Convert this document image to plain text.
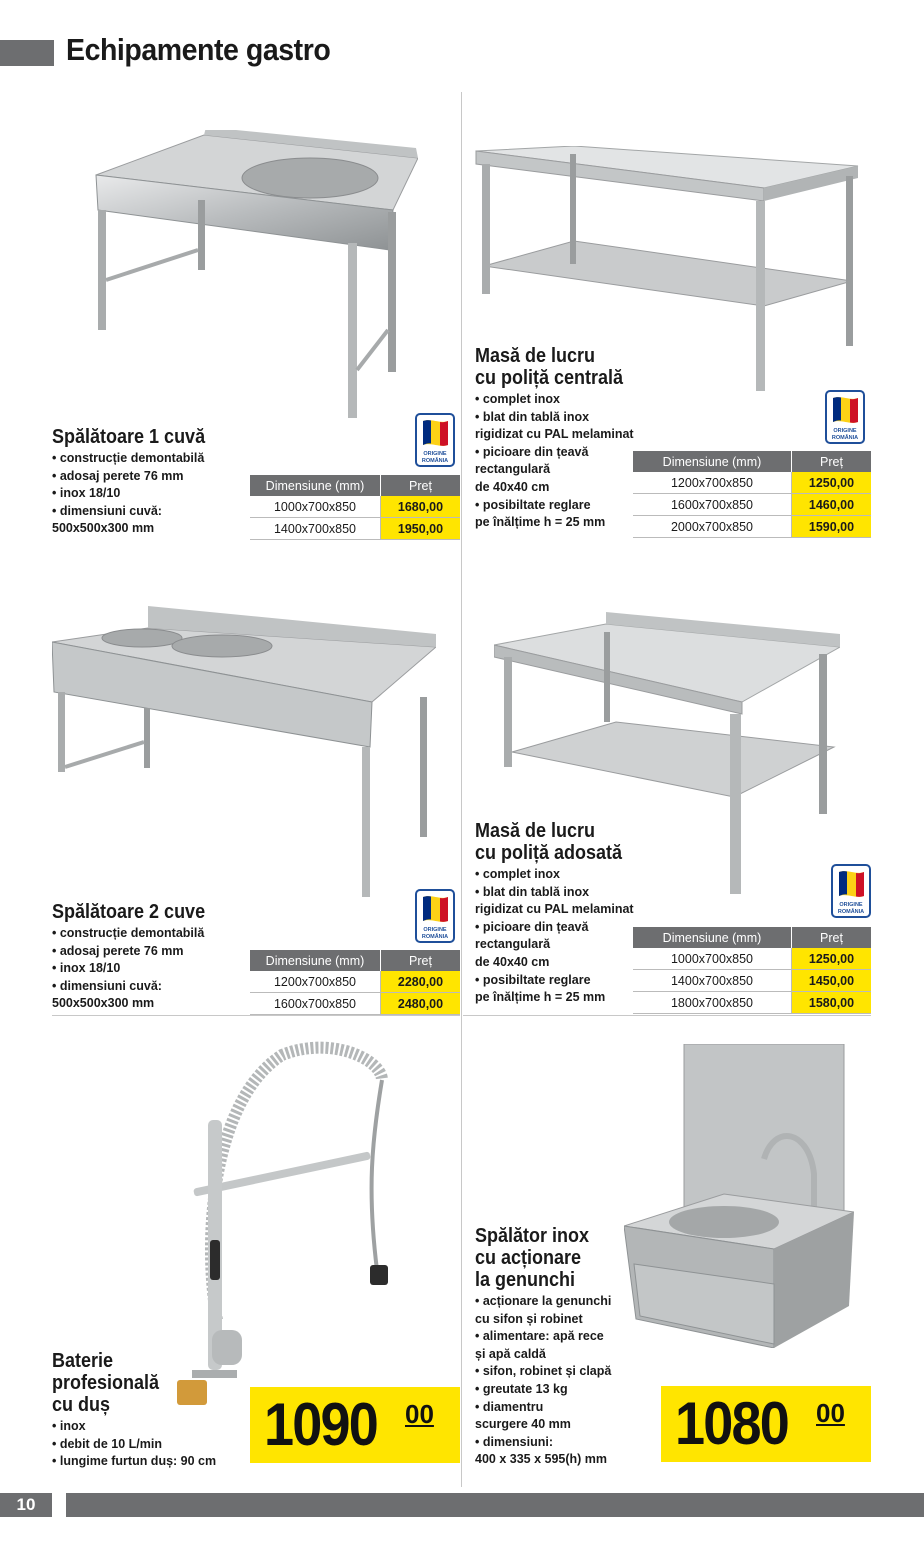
Echipamente gastro
ORIGINE
ROMÂNIA
Spălătoare 1 cuvă
• construcție demontabilă
• adosaj perete 76 mm
• inox 18/10
• dimensiuni cuvă:
500x500x300 mm
Dimensiune (mm)	Preț
1000x700x850	1680,00
1400x700x850	1950,00
ORIGINE
ROMÂNIA
Masă de lucru
cu poliță centrală
• complet inox
• blat din tablă inox
rigidizat cu PAL melaminat
• picioare din țeavă
rectangulară
de 40x40 cm
• posibiltate reglare
pe înălțime h = 25 mm
Dimensiune (mm)	Preț
1200x700x850	1250,00
1600x700x850	1460,00
2000x700x850	1590,00
ORIGINE
ROMÂNIA
Spălătoare 2 cuve
• construcție demontabilă
• adosaj perete 76 mm
• inox 18/10
• dimensiuni cuvă:
500x500x300 mm
Dimensiune (mm)	Preț
1200x700x850	2280,00
1600x700x850	2480,00
ORIGINE
ROMÂNIA
Masă de lucru
cu poliță adosată
• complet inox
• blat din tablă inox
rigidizat cu PAL melaminat
• picioare din țeavă
rectangulară
de 40x40 cm
• posibiltate reglare
pe înălțime h = 25 mm
Dimensiune (mm)	Preț
1000x700x850	1250,00
1400x700x850	1450,00
1800x700x850	1580,00
Baterie
profesională
cu duș
• inox
• debit de 10 L/min
• lungime furtun duș: 90 cm
1090 00
Spălător inox
cu acționare
la genunchi
• acționare la genunchi
cu sifon și robinet
• alimentare: apă rece
și apă caldă
• sifon, robinet și clapă
• greutate 13 kg
• diamentru
scurgere 40 mm
• dimensiuni:
400 x 335 x 595(h) mm
1080 00
10
